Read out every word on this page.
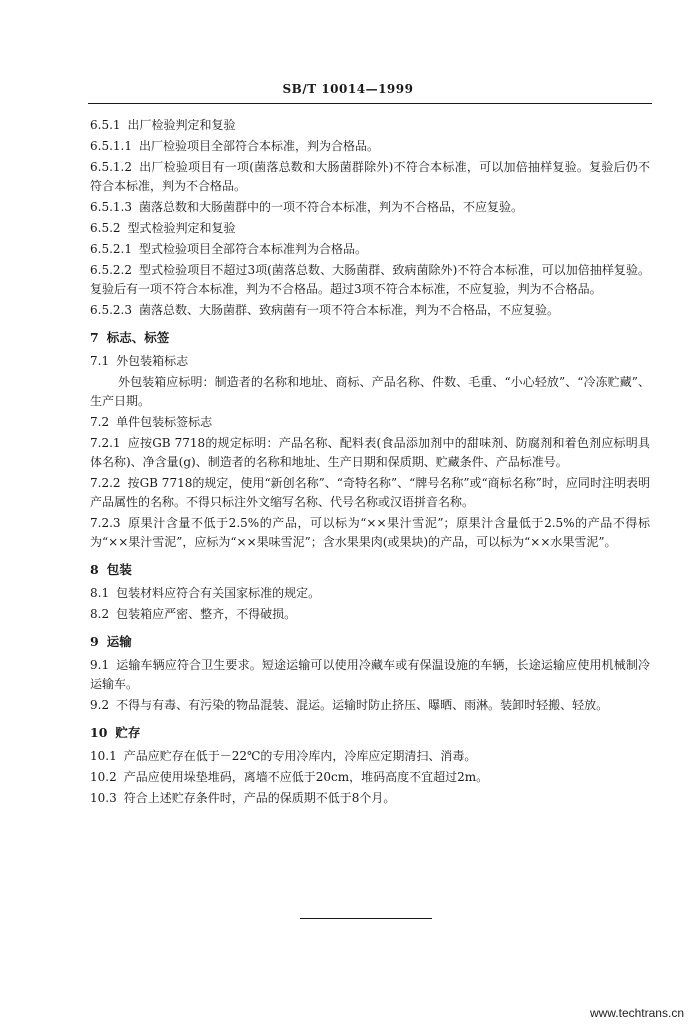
SB/T 10014—1999

6.5.1 出厂检验判定和复验

6.5.1.1 出厂检验项目全部符合本标准，判为合格品。

6.5.1.2 出厂检验项目有一项(菌落总数和大肠菌群除外)不符合本标准，可以加倍抽样复验。复验后仍不符合本标准，判为不合格品。

6.5.1.3 菌落总数和大肠菌群中的一项不符合本标准，判为不合格品，不应复验。

6.5.2 型式检验判定和复验

6.5.2.1 型式检验项目全部符合本标准判为合格品。

6.5.2.2 型式检验项目不超过3项(菌落总数、大肠菌群、致病菌除外)不符合本标准，可以加倍抽样复验。复验后有一项不符合本标准，判为不合格品。超过3项不符合本标准，不应复验，判为不合格品。

6.5.2.3 菌落总数、大肠菌群、致病菌有一项不符合本标准，判为不合格品，不应复验。

7 标志、标签

7.1 外包装箱标志

外包装箱应标明：制造者的名称和地址、商标、产品名称、件数、毛重、“小心轻放”、“冷冻贮藏”、生产日期。

7.2 单件包装标签标志

7.2.1 应按GB 7718的规定标明：产品名称、配料表(食品添加剂中的甜味剂、防腐剂和着色剂应标明具体名称)、净含量(g)、制造者的名称和地址、生产日期和保质期、贮藏条件、产品标准号。

7.2.2 按GB 7718的规定，使用“新创名称”、“奇特名称”、“牌号名称”或“商标名称”时，应同时注明表明产品属性的名称。不得只标注外文缩写名称、代号名称或汉语拼音名称。

7.2.3 原果汁含量不低于2.5%的产品，可以标为“××果汁雪泥”；原果汁含量低于2.5%的产品不得标为“××果汁雪泥”，应标为“××果味雪泥”；含水果果肉(或果块)的产品，可以标为“××水果雪泥”。

8 包装

8.1 包装材料应符合有关国家标准的规定。

8.2 包装箱应严密、整齐，不得破损。

9 运输

9.1 运输车辆应符合卫生要求。短途运输可以使用冷藏车或有保温设施的车辆，长途运输应使用机械制冷运输车。

9.2 不得与有毒、有污染的物品混装、混运。运输时防止挤压、曝晒、雨淋。装卸时轻搬、轻放。

10 贮存

10.1 产品应贮存在低于－22℃的专用冷库内，冷库应定期清扫、消毒。

10.2 产品应使用垛垫堆码，离墙不应低于20cm，堆码高度不宜超过2m。

10.3 符合上述贮存条件时，产品的保质期不低于8个月。

www.techtrans.cn
